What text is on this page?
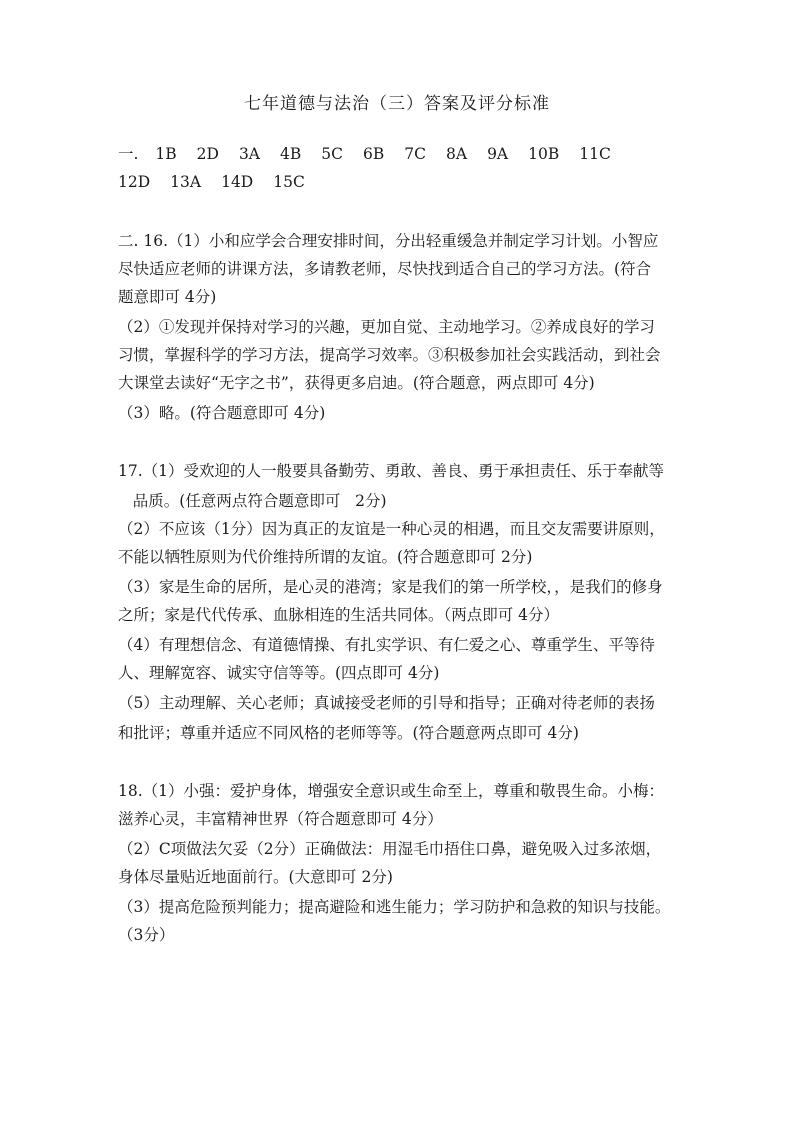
七年道德与法治（三）答案及评分标准
一. 1B 2D 3A 4B 5C 6B 7C 8A 9A 10B 11C
12D 13A 14D 15C
二. 16.（1）小和应学会合理安排时间，分出轻重缓急并制定学习计划。小智应
尽快适应老师的讲课方法，多请教老师，尽快找到适合自己的学习方法。(符合
题意即可 4分)
（2）①发现并保持对学习的兴趣，更加自觉、主动地学习。②养成良好的学习
习惯，掌握科学的学习方法，提高学习效率。③积极参加社会实践活动，到社会
大课堂去读好“无字之书”，获得更多启迪。(符合题意，两点即可 4分)
（3）略。(符合题意即可 4分)
17.（1）受欢迎的人一般要具备勤劳、勇敢、善良、勇于承担责任、乐于奉献等
品质。(任意两点符合题意即可   2分)
（2）不应该（1分）因为真正的友谊是一种心灵的相遇，而且交友需要讲原则，
不能以牺牲原则为代价维持所谓的友谊。(符合题意即可 2分)
（3）家是生命的居所，是心灵的港湾；家是我们的第一所学校，，是我们的修身
之所；家是代代传承、血脉相连的生活共同体。（两点即可 4分）
（4）有理想信念、有道德情操、有扎实学识、有仁爱之心、尊重学生、平等待
人、理解宽容、诚实守信等等。(四点即可 4分)
（5）主动理解、关心老师；真诚接受老师的引导和指导；正确对待老师的表扬
和批评；尊重并适应不同风格的老师等等。(符合题意两点即可 4分)
18.（1）小强：爱护身体，增强安全意识或生命至上，尊重和敬畏生命。小梅：
滋养心灵，丰富精神世界（符合题意即可 4分）
（2）C项做法欠妥（2分）正确做法：用湿毛巾捂住口鼻，避免吸入过多浓烟，
身体尽量贴近地面前行。(大意即可 2分)
（3）提高危险预判能力；提高避险和逃生能力；学习防护和急救的知识与技能。
（3分）
